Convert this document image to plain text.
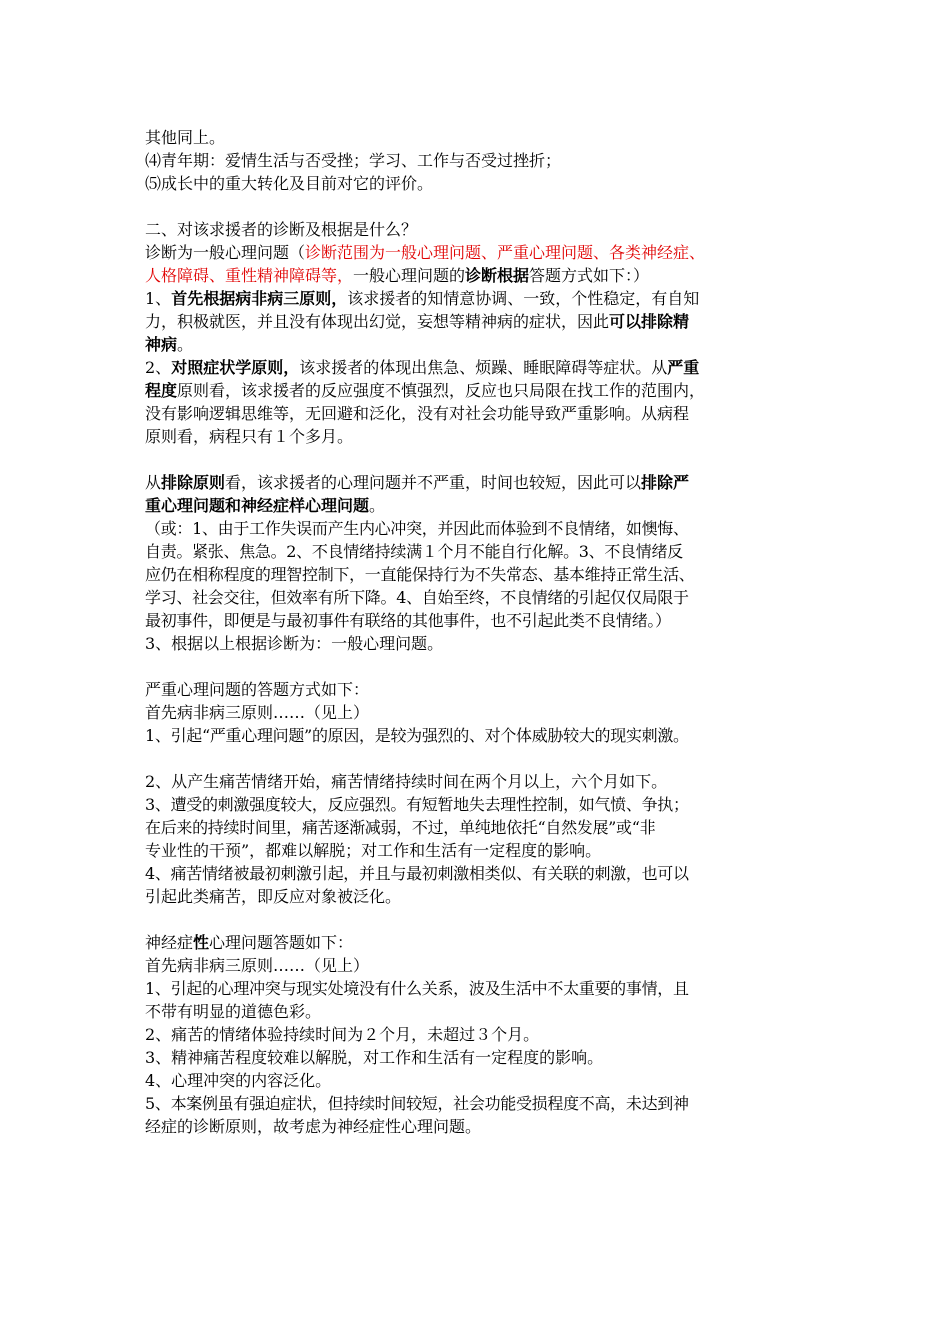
其他同上。
⑷青年期：爱情生活与否受挫；学习、工作与否受过挫折；
⑸成长中的重大转化及目前对它的评价。
二、对该求援者的诊断及根据是什么？
诊断为一般心理问题（诊断范围为一般心理问题、严重心理问题、各类神经症、
人格障碍、重性精神障碍等，一般心理问题的诊断根据答题方式如下：）
1、首先根据病非病三原则，该求援者的知情意协调、一致，个性稳定，有自知
力，积极就医，并且没有体现出幻觉，妄想等精神病的症状，因此可以排除精
神病。
2、对照症状学原则，该求援者的体现出焦急、烦躁、睡眠障碍等症状。从严重
程度原则看，该求援者的反应强度不慎强烈，反应也只局限在找工作的范围内，
没有影响逻辑思维等，无回避和泛化，没有对社会功能导致严重影响。从病程
原则看，病程只有１个多月。
从排除原则看，该求援者的心理问题并不严重，时间也较短，因此可以排除严
重心理问题和神经症样心理问题。
（或：1、由于工作失误而产生内心冲突，并因此而体验到不良情绪，如懊悔、
自责。紧张、焦急。2、不良情绪持续满１个月不能自行化解。3、不良情绪反
应仍在相称程度的理智控制下，一直能保持行为不失常态、基本维持正常生活、
学习、社会交往，但效率有所下降。4、自始至终，不良情绪的引起仅仅局限于
最初事件，即便是与最初事件有联络的其他事件，也不引起此类不良情绪。）
3、根据以上根据诊断为：一般心理问题。
严重心理问题的答题方式如下：
首先病非病三原则……（见上）
1、引起“严重心理问题”的原因，是较为强烈的、对个体威胁较大的现实刺激。
2、从产生痛苦情绪开始，痛苦情绪持续时间在两个月以上，六个月如下。
3、遭受的刺激强度较大，反应强烈。有短暂地失去理性控制，如气愤、争执；
在后来的持续时间里，痛苦逐渐减弱，不过，单纯地依托“自然发展”或“非
专业性的干预”，都难以解脱；对工作和生活有一定程度的影响。
4、痛苦情绪被最初刺激引起，并且与最初刺激相类似、有关联的刺激，也可以
引起此类痛苦，即反应对象被泛化。
神经症性心理问题答题如下：
首先病非病三原则……（见上）
1、引起的心理冲突与现实处境没有什么关系，波及生活中不太重要的事情，且
不带有明显的道德色彩。
2、痛苦的情绪体验持续时间为２个月，未超过３个月。
3、精神痛苦程度较难以解脱，对工作和生活有一定程度的影响。
4、心理冲突的内容泛化。
5、本案例虽有强迫症状，但持续时间较短，社会功能受损程度不高，未达到神
经症的诊断原则，故考虑为神经症性心理问题。
